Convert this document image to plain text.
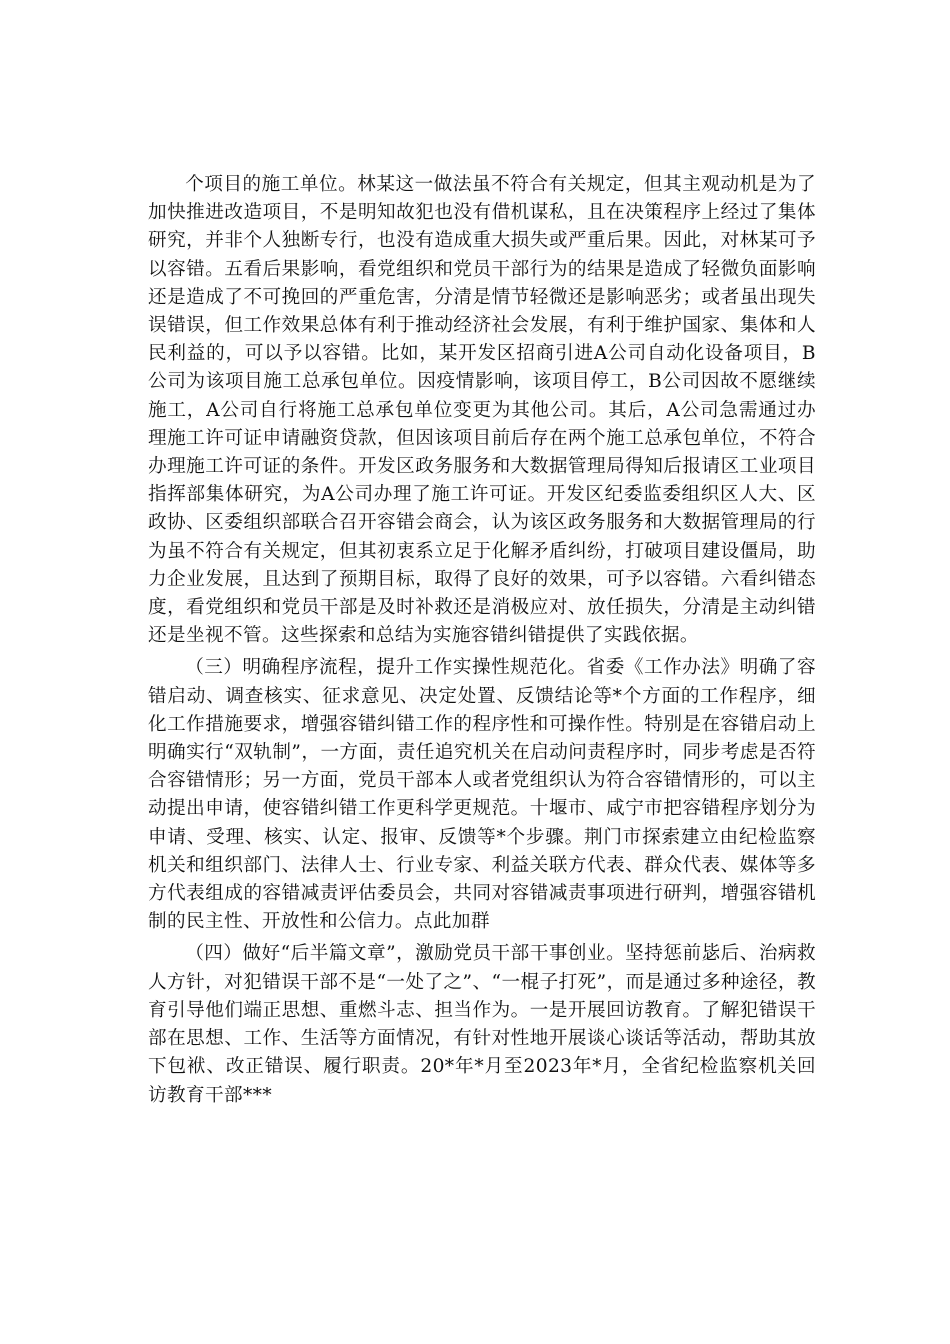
个项目的施工单位。林某这一做法虽不符合有关规定，但其主观动机是为了加快推进改造项目，不是明知故犯也没有借机谋私，且在决策程序上经过了集体研究，并非个人独断专行，也没有造成重大损失或严重后果。因此，对林某可予以容错。五看后果影响，看党组织和党员干部行为的结果是造成了轻微负面影响还是造成了不可挽回的严重危害，分清是情节轻微还是影响恶劣；或者虽出现失误错误，但工作效果总体有利于推动经济社会发展，有利于维护国家、集体和人民利益的，可以予以容错。比如，某开发区招商引进A公司自动化设备项目，B公司为该项目施工总承包单位。因疫情影响，该项目停工，B公司因故不愿继续施工，A公司自行将施工总承包单位变更为其他公司。其后，A公司急需通过办理施工许可证申请融资贷款，但因该项目前后存在两个施工总承包单位，不符合办理施工许可证的条件。开发区政务服务和大数据管理局得知后报请区工业项目指挥部集体研究，为A公司办理了施工许可证。开发区纪委监委组织区人大、区政协、区委组织部联合召开容错会商会，认为该区政务服务和大数据管理局的行为虽不符合有关规定，但其初衷系立足于化解矛盾纠纷，打破项目建设僵局，助力企业发展，且达到了预期目标，取得了良好的效果，可予以容错。六看纠错态度，看党组织和党员干部是及时补救还是消极应对、放任损失，分清是主动纠错还是坐视不管。这些探索和总结为实施容错纠错提供了实践依据。

（三）明确程序流程，提升工作实操性规范化。省委《工作办法》明确了容错启动、调查核实、征求意见、决定处置、反馈结论等*个方面的工作程序，细化工作措施要求，增强容错纠错工作的程序性和可操作性。特别是在容错启动上明确实行“双轨制”，一方面，责任追究机关在启动问责程序时，同步考虑是否符合容错情形；另一方面，党员干部本人或者党组织认为符合容错情形的，可以主动提出申请，使容错纠错工作更科学更规范。十堰市、咸宁市把容错程序划分为申请、受理、核实、认定、报审、反馈等*个步骤。荆门市探索建立由纪检监察机关和组织部门、法律人士、行业专家、利益关联方代表、群众代表、媒体等多方代表组成的容错减责评估委员会，共同对容错减责事项进行研判，增强容错机制的民主性、开放性和公信力。点此加群

（四）做好“后半篇文章”，激励党员干部干事创业。坚持惩前毖后、治病救人方针，对犯错误干部不是“一处了之”、“一棍子打死”，而是通过多种途径，教育引导他们端正思想、重燃斗志、担当作为。一是开展回访教育。了解犯错误干部在思想、工作、生活等方面情况，有针对性地开展谈心谈话等活动，帮助其放下包袱、改正错误、履行职责。20*年*月至2023年*月，全省纪检监察机关回访教育干部***
